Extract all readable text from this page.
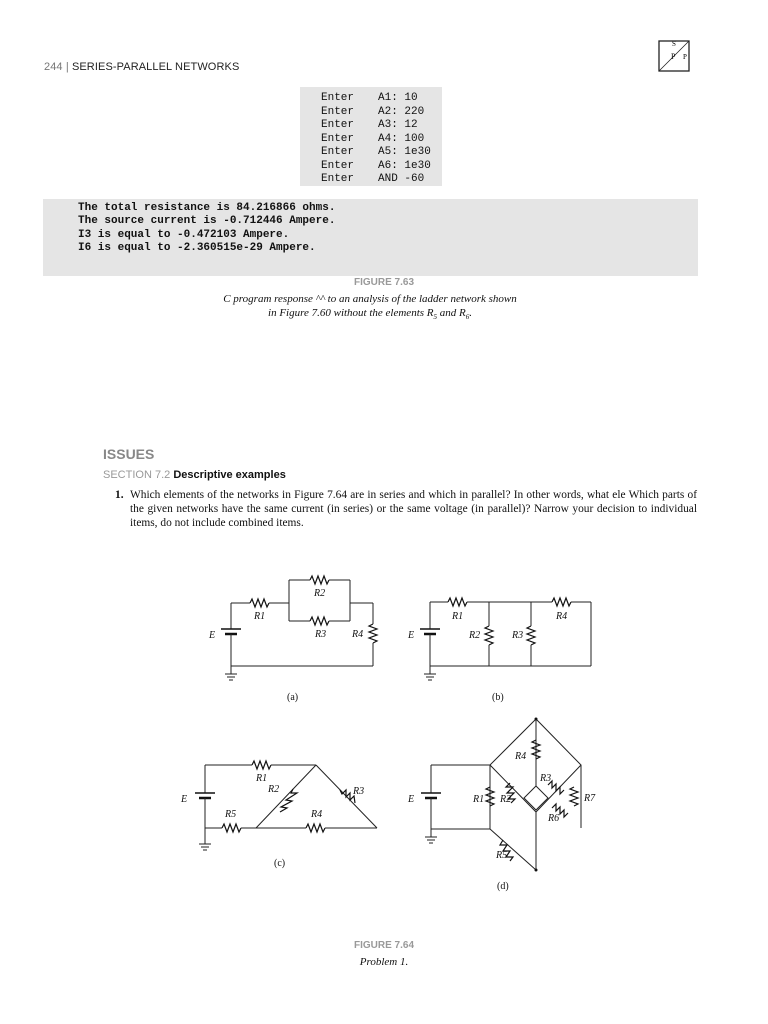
244 | SERIES-PARALLEL NETWORKS
S
P P
Enter A1: 10
Enter A2: 220
Enter A3: 12
Enter A4: 100
Enter A5: 1e30
Enter A6: 1e30
Enter AND -60
The total resistance is 84.216866 ohms.
The source current is -0.712446 Ampere.
I3 is equal to -0.472103 Ampere.
I6 is equal to -2.360515e-29 Ampere.
FIGURE 7.63
C program response ^^ to an analysis of the ladder network shown
in Figure 7.60 without the elements $R_5$ and $R_6$.
ISSUES
SECTION 7.2 Descriptive examples
1. Which elements of the networks in Figure 7.64 are in series and which in parallel? In other words, what ele Which parts of the given networks have the same current (in series) or the same voltage (in parallel)? Narrow your decision to individual items, do not include combined items.
E
R1
R2
R3	R4
(a)
E
R1
R2	R3
R4
(b)
E
R1
R2	R3
R4
R5
(c)
E	R1 R2
R3
R4
R5
R6
R7
(d)
FIGURE 7.64
Problem 1.
